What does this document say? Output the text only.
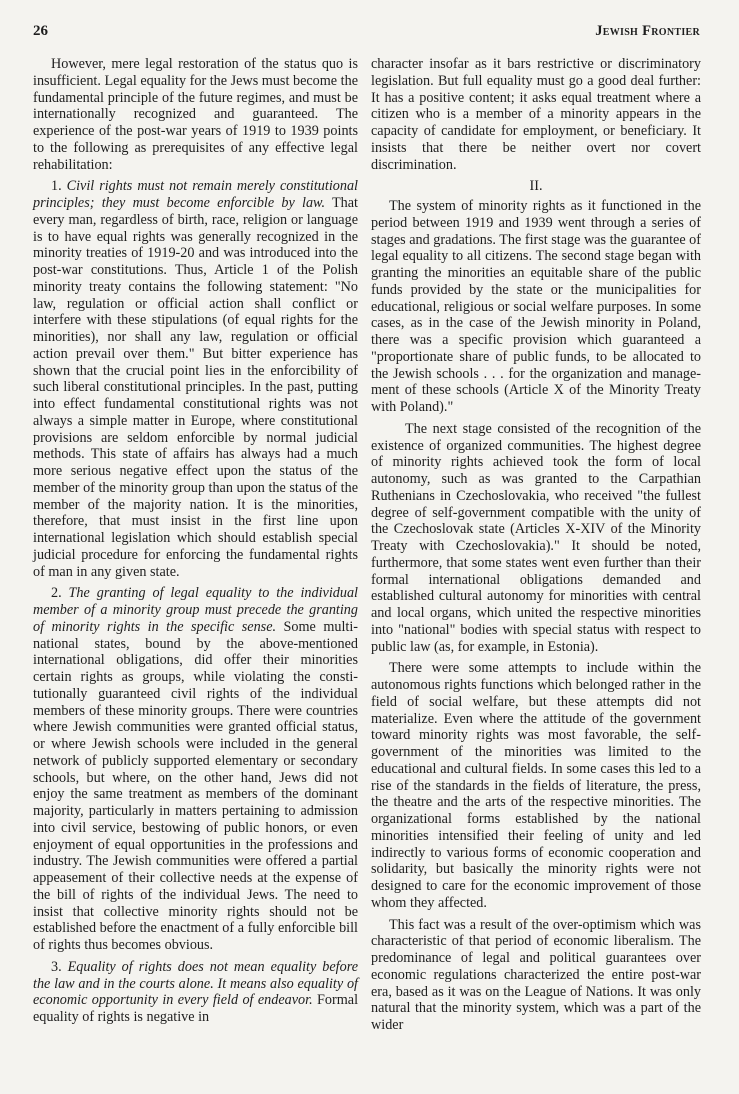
26	Jewish Frontier

However, mere legal restoration of the status quo is insufficient. Legal equality for the Jews must become the fundamental principle of the future regimes, and must be internationally recognized and guaranteed. The experience of the post-war years of 1919 to 1939 points to the following as prerequisites of any effective legal rehabilitation:

1. Civil rights must not remain merely constitutional principles; they must become enforcible by law. That every man, regardless of birth, race, religion or language is to have equal rights was generally recognized in the minority treaties of 1919-20 and was introduced into the post-war constitutions. Thus, Article 1 of the Polish minority treaty contains the following statement: "No law, regulation or official action shall conflict or interfere with these stipulations (of equal rights for the minorities), nor shall any law, regulation or official action prevail over them." But bitter experience has shown that the crucial point lies in the enforcibility of such liberal constitutional principles. In the past, putting into effect fundamental constitutional rights was not always a simple matter in Europe, where constitutional provisions are seldom enforcible by normal judicial methods. This state of affairs has always had a much more serious negative effect upon the status of the member of the minority group than upon the status of the member of the majority nation. It is the minorities, therefore, that must insist in the first line upon international legislation which should establish special judicial procedure for enforcing the fundamental rights of man in any given state.

2. The granting of legal equality to the individual member of a minority group must precede the granting of minority rights in the specific sense. Some multi-national states, bound by the above-mentioned international obligations, did offer their minorities certain rights as groups, while violating the constitutionally guaranteed civil rights of the individual members of these minority groups. There were countries where Jewish communities were granted official status, or where Jewish schools were included in the general network of publicly supported elementary or secondary schools, but where, on the other hand, Jews did not enjoy the same treatment as members of the dominant majority, particularly in matters pertaining to admission into civil service, bestowing of public honors, or even enjoyment of equal opportunities in the professions and industry. The Jewish communities were offered a partial appeasement of their collective needs at the expense of the bill of rights of the individual Jews. The need to insist that collective minority rights should not be established before the enactment of a fully enforcible bill of rights thus becomes obvious.

3. Equality of rights does not mean equality before the law and in the courts alone. It means also equality of economic opportunity in every field of endeavor. Formal equality of rights is negative in

character insofar as it bars restrictive or discriminatory legislation. But full equality must go a good deal further: It has a positive content; it asks equal treatment where a citizen who is a member of a minority appears in the capacity of candidate for employment, or beneficiary. It insists that there be neither overt nor covert discrimination.

II.

The system of minority rights as it functioned in the period between 1919 and 1939 went through a series of stages and gradations. The first stage was the guarantee of legal equality to all citizens. The second stage began with granting the minorities an equitable share of the public funds provided by the state or the municipalities for educational, religious or social welfare purposes. In some cases, as in the case of the Jewish minority in Poland, there was a specific provision which guaranteed a "proportionate share of public funds, to be allocated to the Jewish schools . . . for the organization and management of these schools (Article X of the Minority Treaty with Poland)."

The next stage consisted of the recognition of the existence of organized communities. The highest degree of minority rights achieved took the form of local autonomy, such as was granted to the Carpathian Ruthenians in Czechoslovakia, who received "the fullest degree of self-government compatible with the unity of the Czechoslovak state (Articles X-XIV of the Minority Treaty with Czechoslovakia)." It should be noted, furthermore, that some states went even further than their formal international obligations demanded and established cultural autonomy for minorities with central and local organs, which united the respective minorities into "national" bodies with special status with respect to public law (as, for example, in Estonia).

There were some attempts to include within the autonomous rights functions which belonged rather in the field of social welfare, but these attempts did not materialize. Even where the attitude of the government toward minority rights was most favorable, the self-government of the minorities was limited to the educational and cultural fields. In some cases this led to a rise of the standards in the fields of literature, the press, the theatre and the arts of the respective minorities. The organizational forms established by the national minorities intensified their feeling of unity and led indirectly to various forms of economic cooperation and solidarity, but basically the minority rights were not designed to care for the economic improvement of those whom they affected.

This fact was a result of the over-optimism which was characteristic of that period of economic liberalism. The predominance of legal and political guarantees over economic regulations characterized the entire post-war era, based as it was on the League of Nations. It was only natural that the minority system, which was a part of the wider
